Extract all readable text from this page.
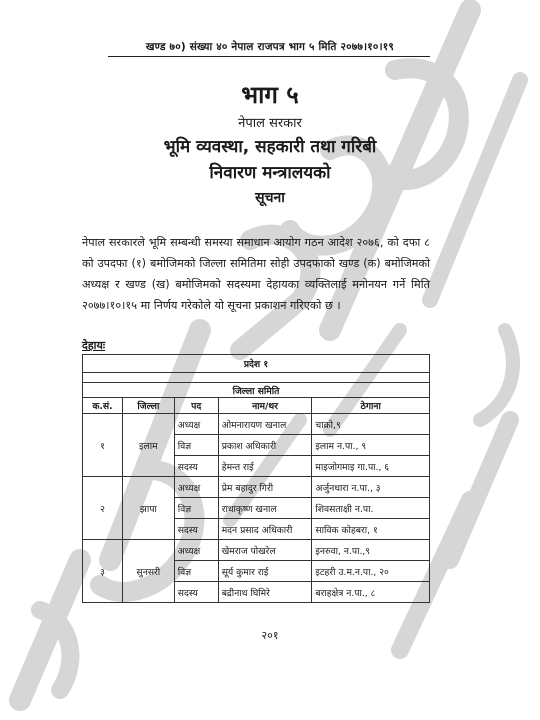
खण्ड ७०) संख्या ४० नेपाल राजपत्र भाग ५ मिति २०७७।१०।१९
भाग ५
नेपाल सरकार
भूमि व्यवस्था, सहकारी तथा गरिबी
निवारण मन्त्रालयको
सूचना
नेपाल सरकारले भूमि सम्बन्धी समस्या समाधान आयोग गठन आदेश २०७६, को दफा ८ को उपदफा (१) बमोजिमको जिल्ला समितिमा सोही उपदफाको खण्ड (क) बमोजिमको अध्यक्ष र खण्ड (ख) बमोजिमको सदस्यमा देहायका व्यक्तिलाई मनोनयन गर्ने मिति २०७७।१०।१५ मा निर्णय गरेकोले यो सूचना प्रकाशन गरिएको छ ।
देहायः
प्रदेश १				

जिल्ला समिति				
क.सं.	जिल्ला	पद	नाम/थर	ठेगाना
१	इलाम	अध्यक्ष	ओमनारायण खनाल	चाक्रो,९
		विज्ञ	प्रकाश अधिकारी	इलाम न.पा., ९
		सदस्य	हेमन्त राई	माइजोगमाइ गा.पा., ६
२	झापा	अध्यक्ष	प्रेम बहादुर गिरी	अर्जुनधारा न.पा., ३
		विज्ञ	राधाकृष्ण खनाल	शिवसताक्षी न.पा.
		सदस्य	मदन प्रसाद अधिकारी	साविक कोहबरा, १
३	सुनसरी	अध्यक्ष	खेमराज पोखरेल	इनरुवा, न.पा.,९
		विज्ञ	सूर्य कुमार राई	इटहरी उ.म.न.पा., २०
		सदस्य	बद्रीनाथ घिमिरे	बराहक्षेत्र न.पा., ८
२०१
